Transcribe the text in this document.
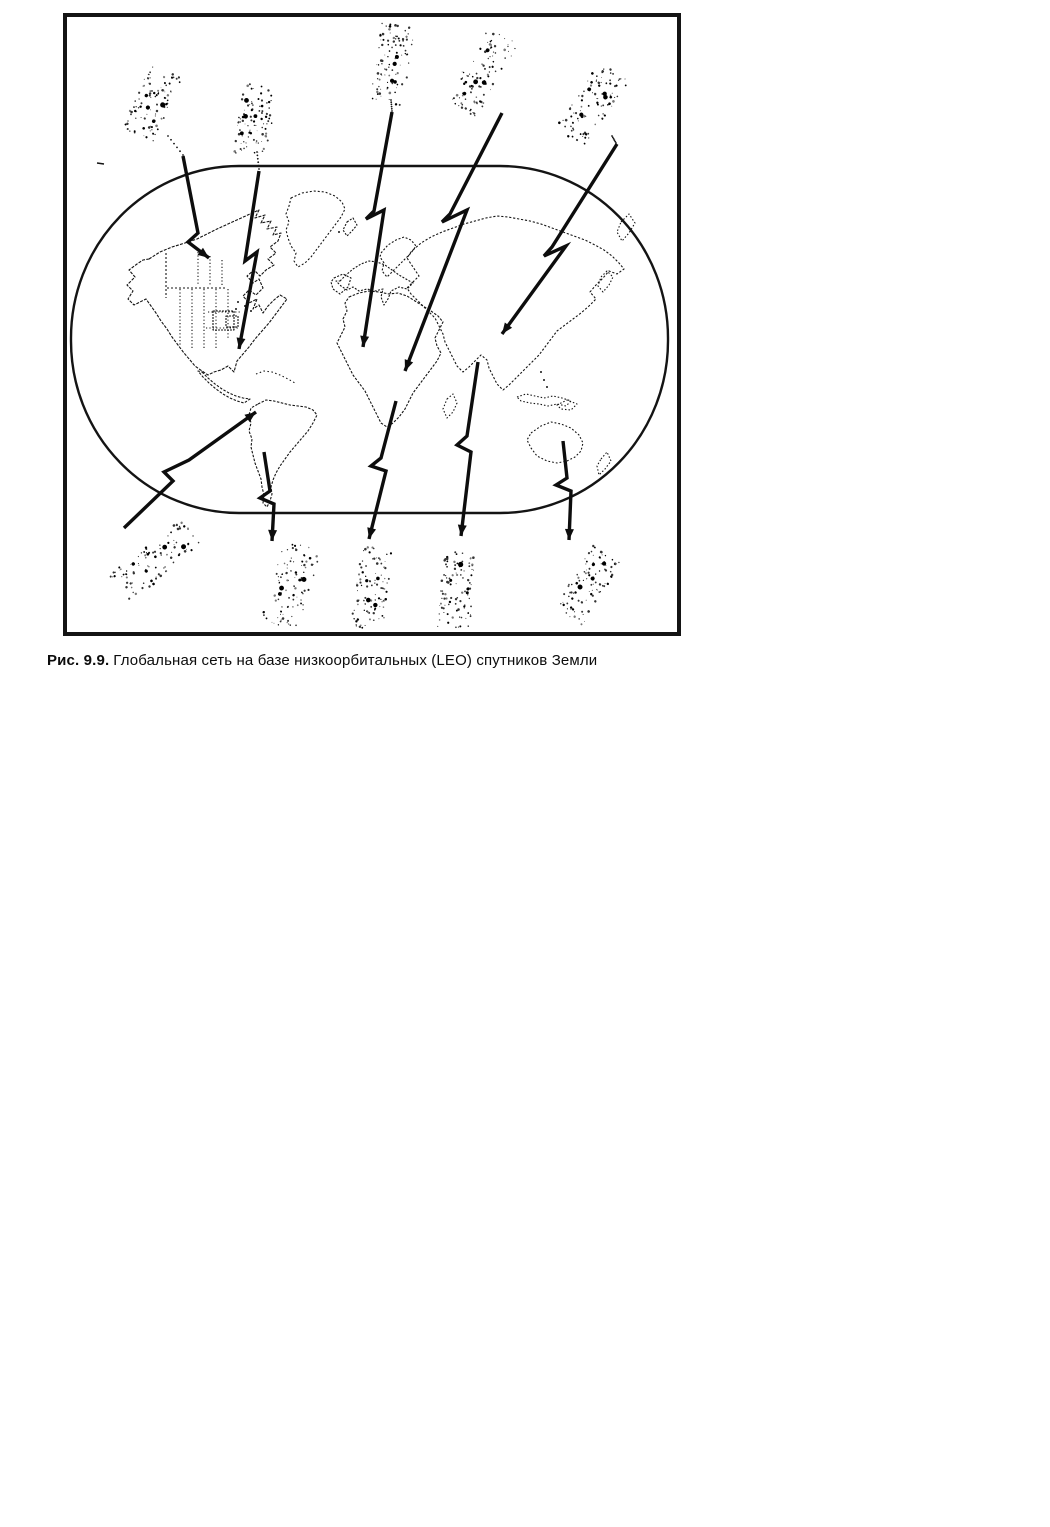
Рис. 9.9. Глобальная сеть на базе низкоорбитальных (LEO) спутников Земли
